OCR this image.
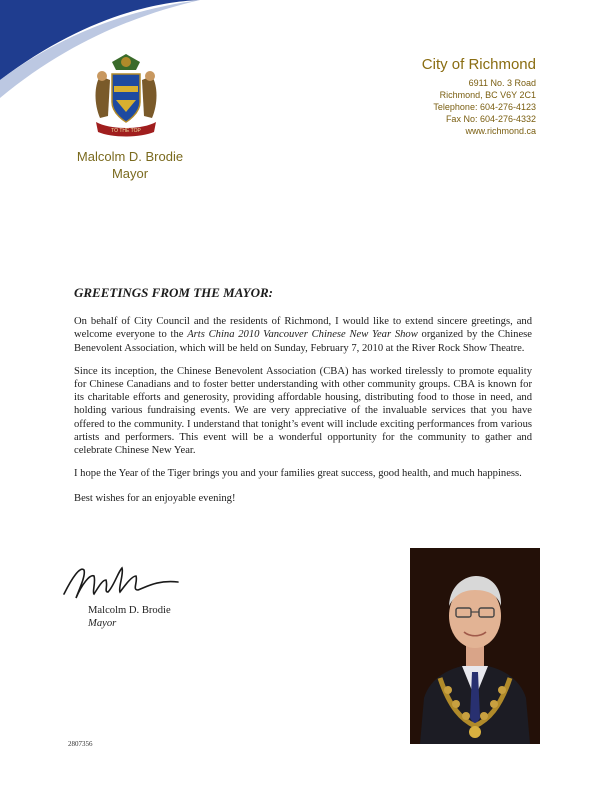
TO THE TOP
Malcolm D. Brodie
Mayor
City of Richmond
6911 No. 3 Road
Richmond, BC V6Y 2C1
Telephone: 604-276-4123
Fax No: 604-276-4332
www.richmond.ca
GREETINGS FROM THE MAYOR:

On behalf of City Council and the residents of Richmond, I would like to extend sincere greetings, and welcome everyone to the Arts China 2010 Vancouver Chinese New Year Show organized by the Chinese Benevolent Association, which will be held on Sunday, February 7, 2010 at the River Rock Show Theatre.

Since its inception, the Chinese Benevolent Association (CBA) has worked tirelessly to promote equality for Chinese Canadians and to foster better understanding with other community groups. CBA is known for its charitable efforts and generosity, providing affordable housing, distributing food to those in need, and holding various fundraising events. We are very appreciative of the invaluable services that you have offered to the community. I understand that tonight’s event will include exciting performances from various artists and performers. This event will be a wonderful opportunity for the community to gather and celebrate Chinese New Year.

I hope the Year of the Tiger brings you and your families great success, good health, and much happiness.

Best wishes for an enjoyable evening!

Malcolm D. Brodie
Mayor
2807356
